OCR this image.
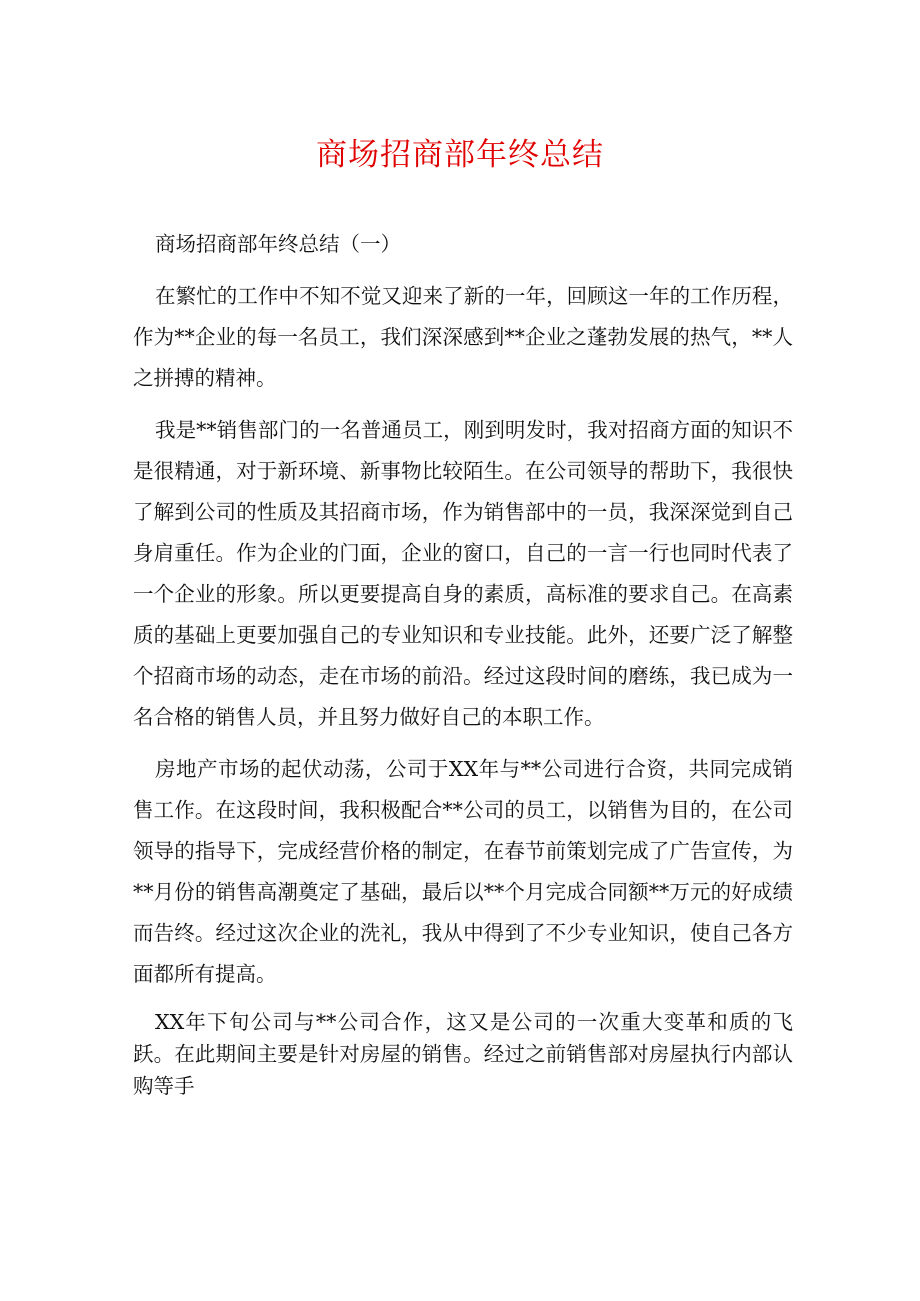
商场招商部年终总结

商场招商部年终总结（一）

在繁忙的工作中不知不觉又迎来了新的一年，回顾这一年的工作历程，作为**企业的每一名员工，我们深深感到**企业之蓬勃发展的热气，**人之拼搏的精神。

我是**销售部门的一名普通员工，刚到明发时，我对招商方面的知识不是很精通，对于新环境、新事物比较陌生。在公司领导的帮助下，我很快了解到公司的性质及其招商市场，作为销售部中的一员，我深深觉到自己身肩重任。作为企业的门面，企业的窗口，自己的一言一行也同时代表了一个企业的形象。所以更要提高自身的素质，高标准的要求自己。在高素质的基础上更要加强自己的专业知识和专业技能。此外，还要广泛了解整个招商市场的动态，走在市场的前沿。经过这段时间的磨练，我已成为一名合格的销售人员，并且努力做好自己的本职工作。

房地产市场的起伏动荡，公司于XX年与**公司进行合资，共同完成销售工作。在这段时间，我积极配合**公司的员工，以销售为目的，在公司领导的指导下，完成经营价格的制定，在春节前策划完成了广告宣传，为**月份的销售高潮奠定了基础，最后以**个月完成合同额**万元的好成绩而告终。经过这次企业的洗礼，我从中得到了不少专业知识，使自己各方面都所有提高。

XX年下旬公司与**公司合作，这又是公司的一次重大变革和质的飞跃。在此期间主要是针对房屋的销售。经过之前销售部对房屋执行内部认购等手
